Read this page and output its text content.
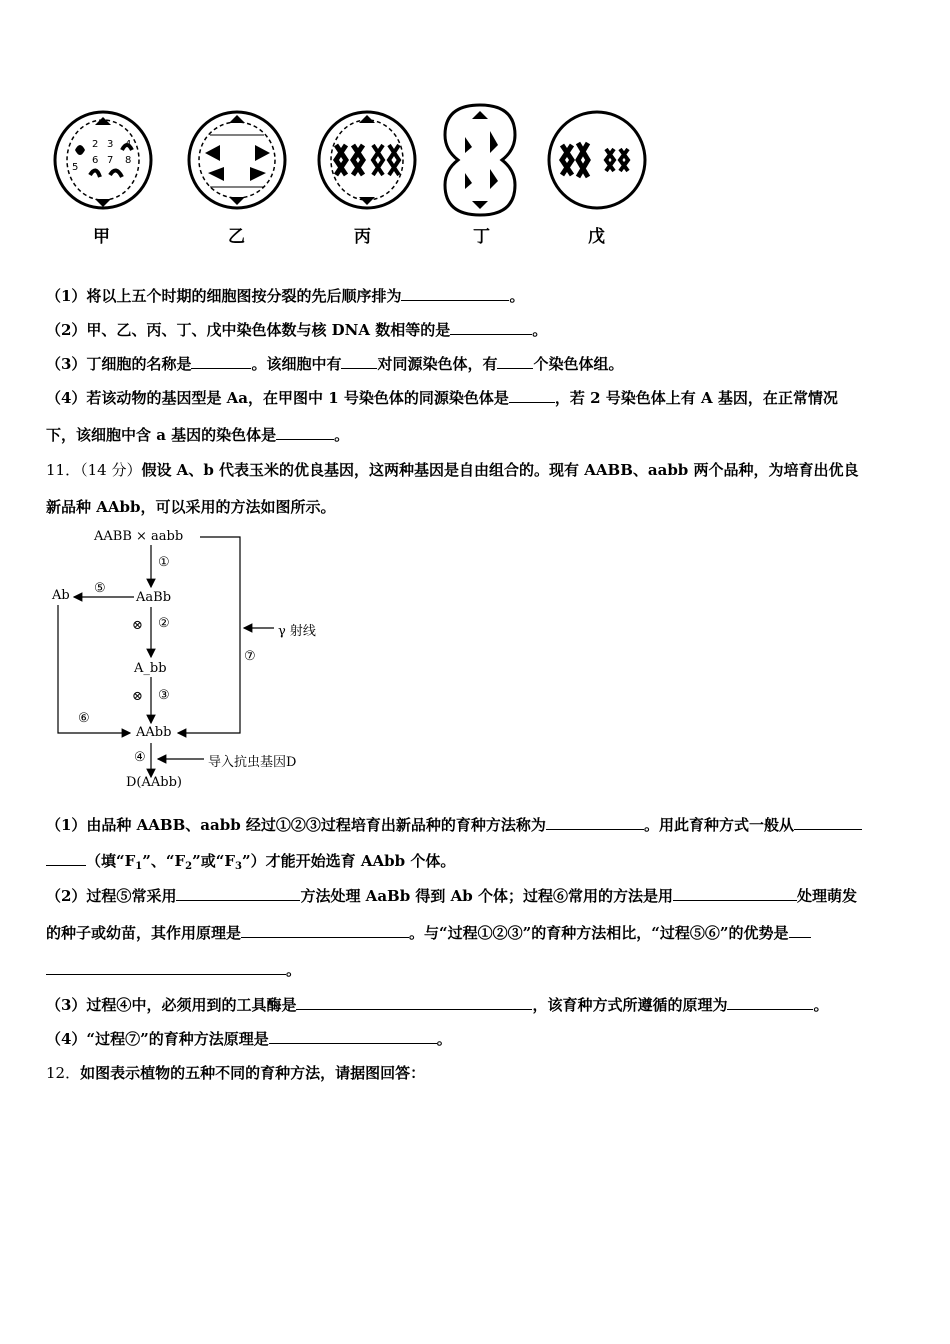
5
2 3 4
6 7 8
甲	乙	丙	丁	戊
（1）将以上五个时期的细胞图按分裂的先后顺序排为	。
（2）甲、乙、丙、丁、戊中染色体数与核 DNA 数相等的是	。
（3）丁细胞的名称是	。该细胞中有 对同源染色体，有 个染色体组。
（4）若该动物的基因型是 Aa，在甲图中 1 号染色体的同源染色体是	，若 2 号染色体上有 A 基因，在正常情况
下，该细胞中含 a 基因的染色体是	。
11．（14 分）假设 A、b 代表玉米的优良基因，这两种基因是自由组合的。现有 AABB、aabb 两个品种，为培育出优良
新品种 AAbb，可以采用的方法如图所示。
AABB × aabb
①
Ab ⑤
AaBb
⊗ ②
γ 射线
⑦
A_bb
⊗ ③
⑥
AAbb
④	导入抗虫基因D
D(AAbb)
（1）由品种 AABB、aabb 经过①②③过程培育出新品种的育种方法称为	。用此育种方式一般从
（填“$F_1$”、“$F_2$”或“$F_3$”）才能开始选育 AAbb 个体。
（2）过程⑤常采用	方法处理 AaBb 得到 Ab 个体；过程⑥常用的方法是用	处理萌发
的种子或幼苗，其作用原理是	。与“过程①②③”的育种方法相比，“过程⑤⑥”的优势是
。
（3）过程④中，必须用到的工具酶是	，该育种方式所遵循的原理为	。
（4）“过程⑦”的育种方法原理是	。
12．如图表示植物的五种不同的育种方法，请据图回答：
